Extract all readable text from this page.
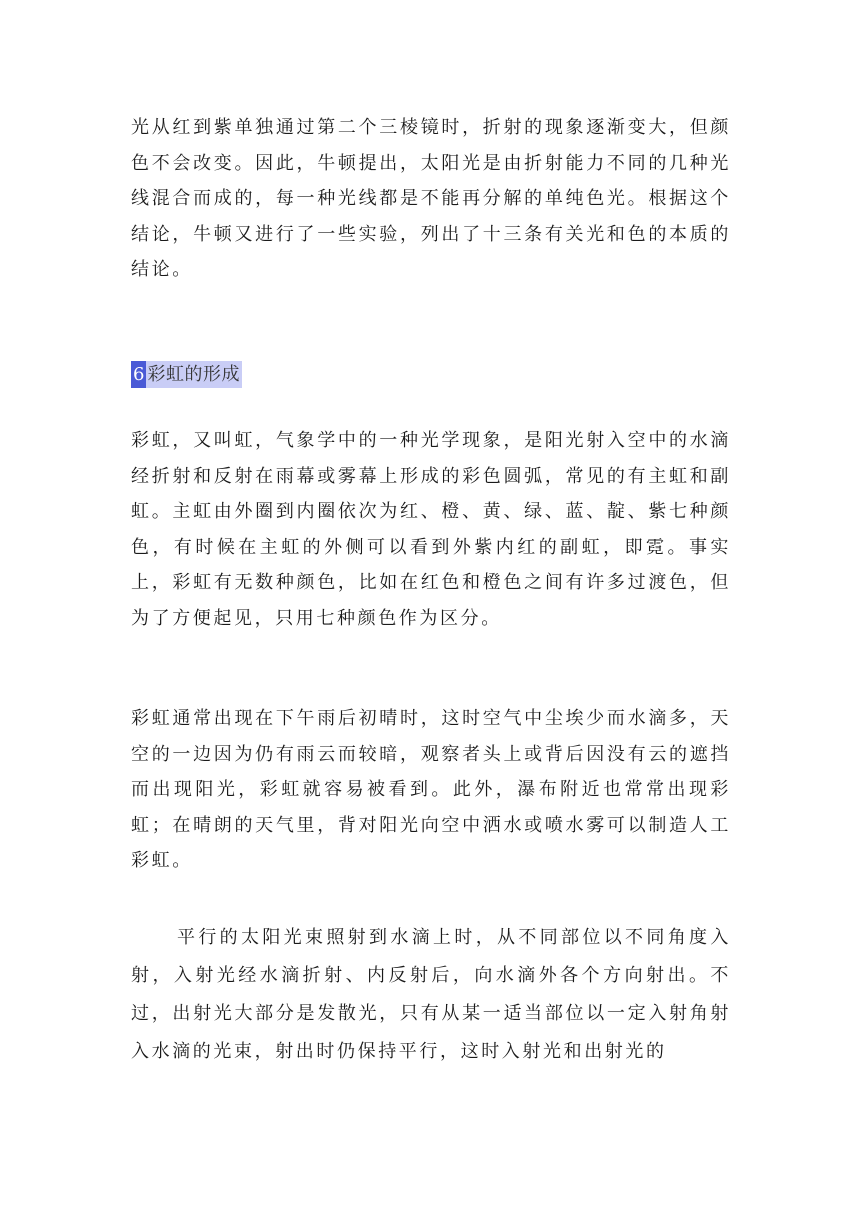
光从红到紫单独通过第二个三棱镜时，折射的现象逐渐变大，但颜色不会改变。因此，牛顿提出，太阳光是由折射能力不同的几种光线混合而成的，每一种光线都是不能再分解的单纯色光。根据这个结论，牛顿又进行了一些实验，列出了十三条有关光和色的本质的结论。

6 彩虹的形成

彩虹，又叫虹，气象学中的一种光学现象，是阳光射入空中的水滴经折射和反射在雨幕或雾幕上形成的彩色圆弧，常见的有主虹和副虹。主虹由外圈到内圈依次为红、橙、黄、绿、蓝、靛、紫七种颜色，有时候在主虹的外侧可以看到外紫内红的副虹，即霓。事实上，彩虹有无数种颜色，比如在红色和橙色之间有许多过渡色，但为了方便起见，只用七种颜色作为区分。

彩虹通常出现在下午雨后初晴时，这时空气中尘埃少而水滴多，天空的一边因为仍有雨云而较暗，观察者头上或背后因没有云的遮挡而出现阳光，彩虹就容易被看到。此外，瀑布附近也常常出现彩虹；在晴朗的天气里，背对阳光向空中洒水或喷水雾可以制造人工彩虹。

平行的太阳光束照射到水滴上时，从不同部位以不同角度入射，入射光经水滴折射、内反射后，向水滴外各个方向射出。不过，出射光大部分是发散光，只有从某一适当部位以一定入射角射入水滴的光束，射出时仍保持平行，这时入射光和出射光的
